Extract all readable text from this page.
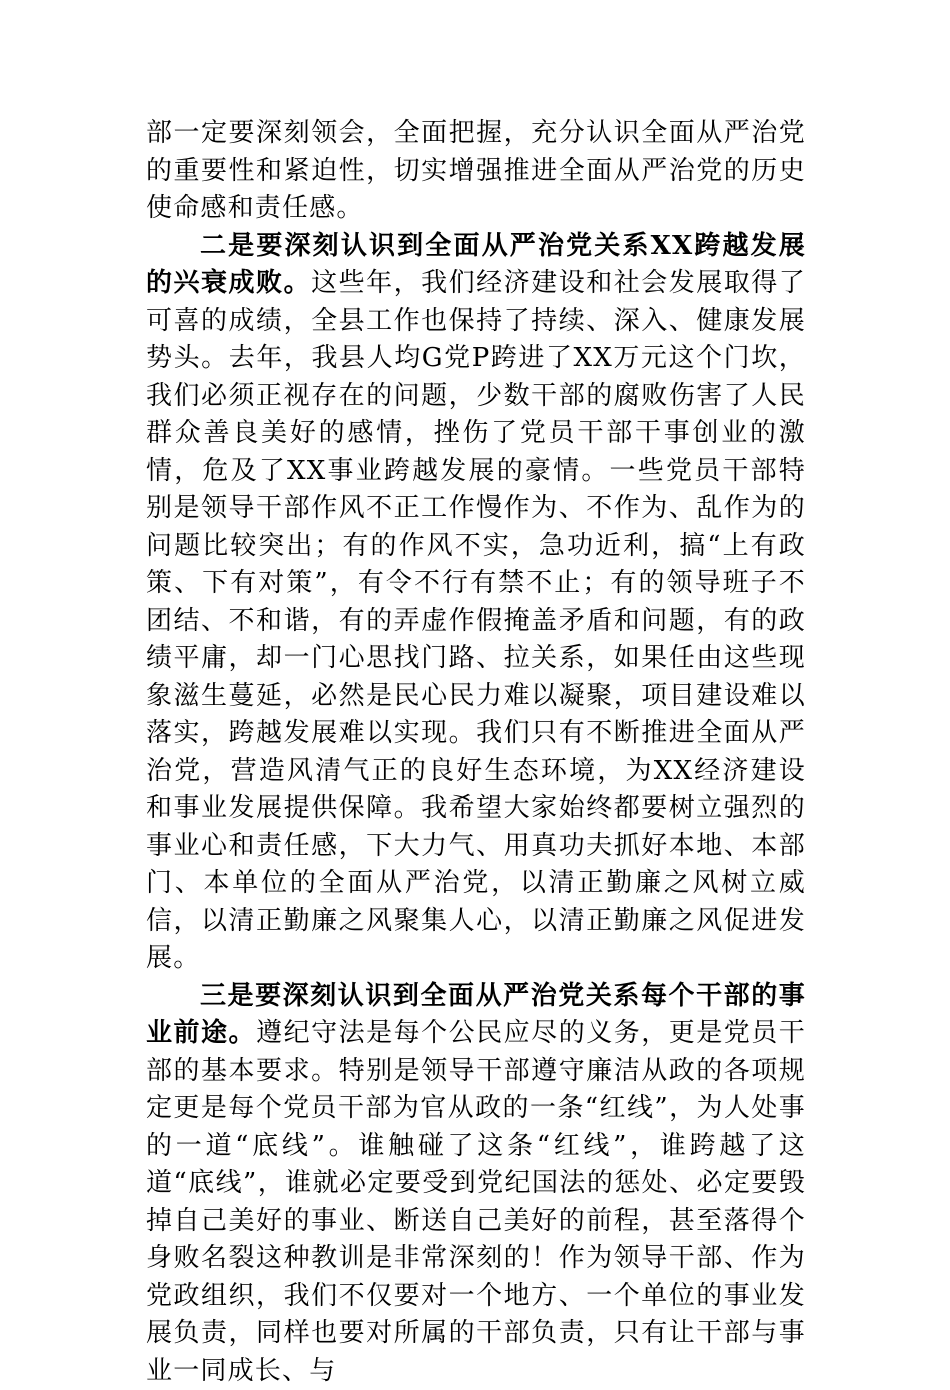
部一定要深刻领会，全面把握，充分认识全面从严治党的重要性和紧迫性，切实增强推进全面从严治党的历史使命感和责任感。

二是要深刻认识到全面从严治党关系XX跨越发展的兴衰成败。这些年，我们经济建设和社会发展取得了可喜的成绩，全县工作也保持了持续、深入、健康发展势头。去年，我县人均G党P跨进了XX万元这个门坎，我们必须正视存在的问题，少数干部的腐败伤害了人民群众善良美好的感情，挫伤了党员干部干事创业的激情，危及了XX事业跨越发展的豪情。一些党员干部特别是领导干部作风不正工作慢作为、不作为、乱作为的问题比较突出；有的作风不实，急功近利，搞“上有政策、下有对策”，有令不行有禁不止；有的领导班子不团结、不和谐，有的弄虚作假掩盖矛盾和问题，有的政绩平庸，却一门心思找门路、拉关系，如果任由这些现象滋生蔓延，必然是民心民力难以凝聚，项目建设难以落实，跨越发展难以实现。我们只有不断推进全面从严治党，营造风清气正的良好生态环境，为XX经济建设和事业发展提供保障。我希望大家始终都要树立强烈的事业心和责任感，下大力气、用真功夫抓好本地、本部门、本单位的全面从严治党，以清正勤廉之风树立威信，以清正勤廉之风聚集人心，以清正勤廉之风促进发展。

三是要深刻认识到全面从严治党关系每个干部的事业前途。遵纪守法是每个公民应尽的义务，更是党员干部的基本要求。特别是领导干部遵守廉洁从政的各项规定更是每个党员干部为官从政的一条“红线”，为人处事的一道“底线”。谁触碰了这条“红线”，谁跨越了这道“底线”，谁就必定要受到党纪国法的惩处、必定要毁掉自己美好的事业、断送自己美好的前程，甚至落得个身败名裂这种教训是非常深刻的！作为领导干部、作为党政组织，我们不仅要对一个地方、一个单位的事业发展负责，同样也要对所属的干部负责，只有让干部与事业一同成长、与
